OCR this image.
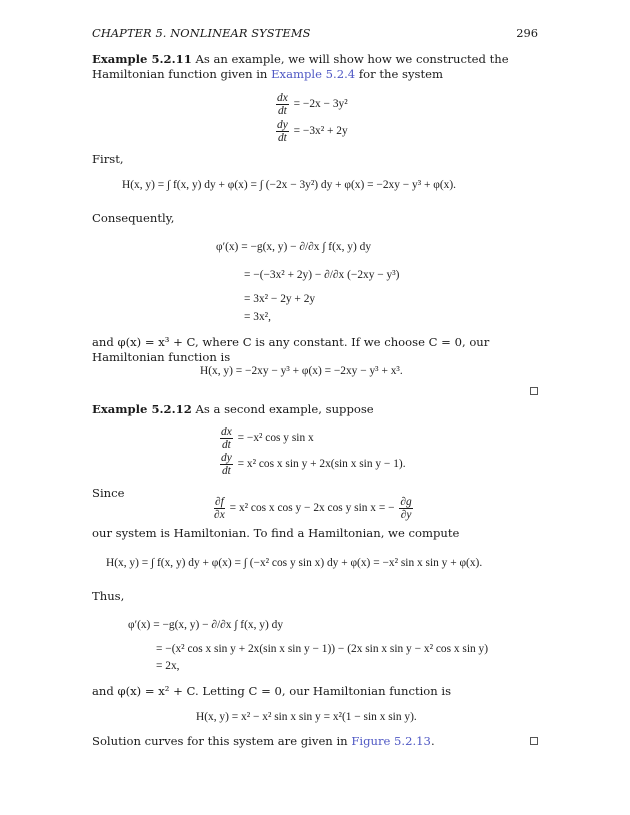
CHAPTER 5. NONLINEAR SYSTEMS	296
Example 5.2.11 As an example, we will show how we constructed the Hamiltonian function given in Example 5.2.4 for the system
$\frac{dx}{dt} = -2x - 3y^2$
$\frac{dy}{dt} = -3x^2 + 2y$
First,
H(x, y) = ∫ f(x, y) dy + φ(x) = ∫ (−2x − 3y²) dy + φ(x) = −2xy − y³ + φ(x).
Consequently,
φ′(x) = −g(x, y) − ∂/∂x ∫ f(x, y) dy
= −(−3x² + 2y) − ∂/∂x (−2xy − y³)
= 3x² − 2y + 2y
= 3x²,
and φ(x) = x³ + C, where C is any constant. If we choose C = 0, our Hamiltonian function is
H(x, y) = −2xy − y³ + φ(x) = −2xy − y³ + x³.
Example 5.2.12 As a second example, suppose
$\frac{dx}{dt} = -x^2$ cos y sin x
$\frac{dy}{dt} = x^2$ cos x sin y + 2x(sin x sin y − 1).
Since
$\frac{\partial f}{\partial x} = x^2$ cos x cos y − 2x cos y sin x = − $\frac{\partial g}{\partial y}$
our system is Hamiltonian. To find a Hamiltonian, we compute
H(x, y) = ∫ f(x, y) dy + φ(x) = ∫ (−x² cos y sin x) dy + φ(x) = −x² sin x sin y + φ(x).
Thus,
φ′(x) = −g(x, y) − ∂/∂x ∫ f(x, y) dy
= −(x² cos x sin y + 2x(sin x sin y − 1)) − (2x sin x sin y − x² cos x sin y)
= 2x,
and φ(x) = x² + C. Letting C = 0, our Hamiltonian function is
H(x, y) = x² − x² sin x sin y = x²(1 − sin x sin y).
Solution curves for this system are given in Figure 5.2.13.
